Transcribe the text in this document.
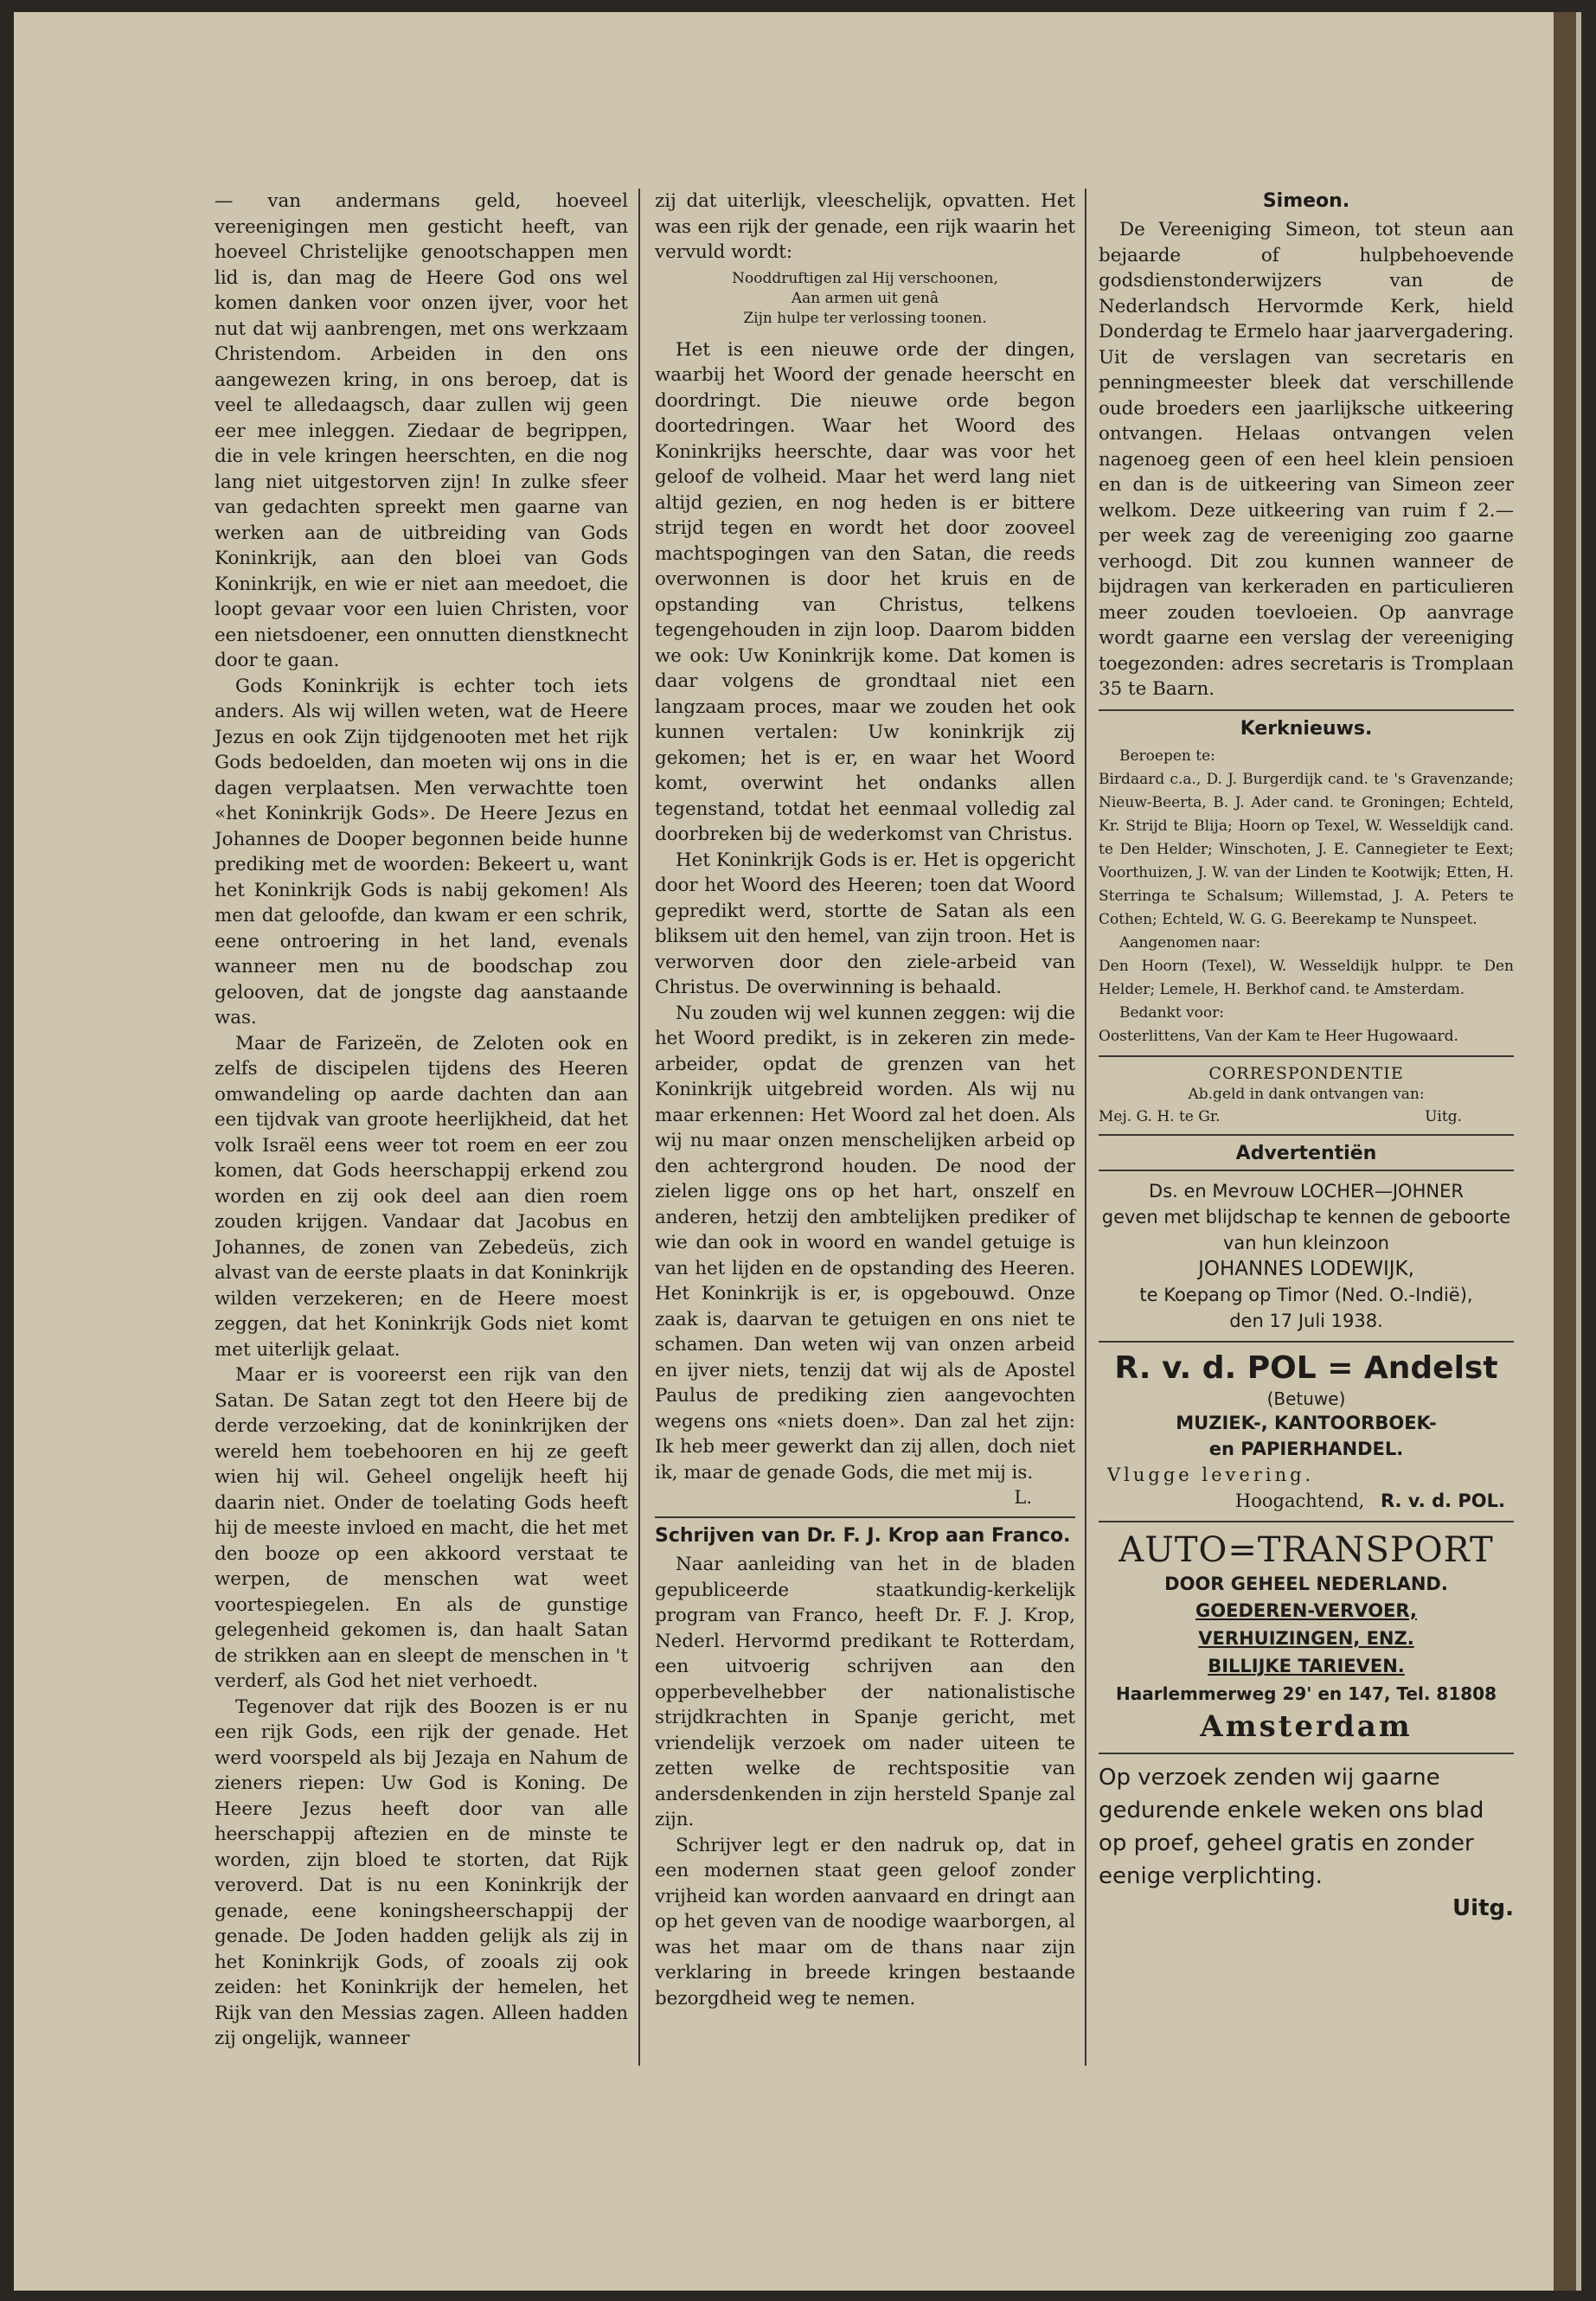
— van andermans geld, hoeveel vereenigingen men gesticht heeft, van hoeveel Christelijke genootschappen men lid is, dan mag de Heere God ons wel komen danken voor onzen ijver, voor het nut dat wij aanbrengen, met ons werkzaam Christendom. Arbeiden in den ons aangewezen kring, in ons beroep, dat is veel te alledaagsch, daar zullen wij geen eer mee inleggen. Ziedaar de begrippen, die in vele kringen heerschten, en die nog lang niet uitgestorven zijn! In zulke sfeer van gedachten spreekt men gaarne van werken aan de uitbreiding van Gods Koninkrijk, aan den bloei van Gods Koninkrijk, en wie er niet aan meedoet, die loopt gevaar voor een luien Christen, voor een nietsdoener, een onnutten dienstknecht door te gaan.

Gods Koninkrijk is echter toch iets anders. Als wij willen weten, wat de Heere Jezus en ook Zijn tijdgenooten met het rijk Gods bedoelden, dan moeten wij ons in die dagen verplaatsen. Men verwachtte toen «het Koninkrijk Gods». De Heere Jezus en Johannes de Dooper begonnen beide hunne prediking met de woorden: Bekeert u, want het Koninkrijk Gods is nabij gekomen! Als men dat geloofde, dan kwam er een schrik, eene ontroering in het land, evenals wanneer men nu de boodschap zou gelooven, dat de jongste dag aanstaande was.

Maar de Farizeën, de Zeloten ook en zelfs de discipelen tijdens des Heeren omwandeling op aarde dachten dan aan een tijdvak van groote heerlijkheid, dat het volk Israël eens weer tot roem en eer zou komen, dat Gods heerschappij erkend zou worden en zij ook deel aan dien roem zouden krijgen. Vandaar dat Jacobus en Johannes, de zonen van Zebedeüs, zich alvast van de eerste plaats in dat Koninkrijk wilden verzekeren; en de Heere moest zeggen, dat het Koninkrijk Gods niet komt met uiterlijk gelaat.

Maar er is vooreerst een rijk van den Satan. De Satan zegt tot den Heere bij de derde verzoeking, dat de koninkrijken der wereld hem toebehooren en hij ze geeft wien hij wil. Geheel ongelijk heeft hij daarin niet. Onder de toelating Gods heeft hij de meeste invloed en macht, die het met den booze op een akkoord verstaat te werpen, de menschen wat weet voortespiegelen. En als de gunstige gelegenheid gekomen is, dan haalt Satan de strikken aan en sleept de menschen in 't verderf, als God het niet verhoedt.

Tegenover dat rijk des Boozen is er nu een rijk Gods, een rijk der genade. Het werd voorspeld als bij Jezaja en Nahum de zieners riepen: Uw God is Koning. De Heere Jezus heeft door van alle heerschappij aftezien en de minste te worden, zijn bloed te storten, dat Rijk veroverd. Dat is nu een Koninkrijk der genade, eene koningsheerschappij der genade. De Joden hadden gelijk als zij in het Koninkrijk Gods, of zooals zij ook zeiden: het Koninkrijk der hemelen, het Rijk van den Messias zagen. Alleen hadden zij ongelijk, wanneer

zij dat uiterlijk, vleeschelijk, opvatten. Het was een rijk der genade, een rijk waarin het vervuld wordt:

Nooddruftigen zal Hij verschoonen,
Aan armen uit genâ
Zijn hulpe ter verlossing toonen.

Het is een nieuwe orde der dingen, waarbij het Woord der genade heerscht en doordringt. Die nieuwe orde begon doortedringen. Waar het Woord des Koninkrijks heerschte, daar was voor het geloof de volheid. Maar het werd lang niet altijd gezien, en nog heden is er bittere strijd tegen en wordt het door zooveel machtspogingen van den Satan, die reeds overwonnen is door het kruis en de opstanding van Christus, telkens tegengehouden in zijn loop. Daarom bidden we ook: Uw Koninkrijk kome. Dat komen is daar volgens de grondtaal niet een langzaam proces, maar we zouden het ook kunnen vertalen: Uw koninkrijk zij gekomen; het is er, en waar het Woord komt, overwint het ondanks allen tegenstand, totdat het eenmaal volledig zal doorbreken bij de wederkomst van Christus.

Het Koninkrijk Gods is er. Het is opgericht door het Woord des Heeren; toen dat Woord gepredikt werd, stortte de Satan als een bliksem uit den hemel, van zijn troon. Het is verworven door den ziele-arbeid van Christus. De overwinning is behaald.

Nu zouden wij wel kunnen zeggen: wij die het Woord predikt, is in zekeren zin mede-arbeider, opdat de grenzen van het Koninkrijk uitgebreid worden. Als wij nu maar erkennen: Het Woord zal het doen. Als wij nu maar onzen menschelijken arbeid op den achtergrond houden. De nood der zielen ligge ons op het hart, onszelf en anderen, hetzij den ambtelijken prediker of wie dan ook in woord en wandel getuige is van het lijden en de opstanding des Heeren. Het Koninkrijk is er, is opgebouwd. Onze zaak is, daarvan te getuigen en ons niet te schamen. Dan weten wij van onzen arbeid en ijver niets, tenzij dat wij als de Apostel Paulus de prediking zien aangevochten wegens ons «niets doen». Dan zal het zijn: Ik heb meer gewerkt dan zij allen, doch niet ik, maar de genade Gods, die met mij is.

L.
Schrijven van Dr. F. J. Krop aan Franco.

Naar aanleiding van het in de bladen gepubliceerde staatkundig-kerkelijk program van Franco, heeft Dr. F. J. Krop, Nederl. Hervormd predikant te Rotterdam, een uitvoerig schrijven aan den opperbevelhebber der nationalistische strijdkrachten in Spanje gericht, met vriendelijk verzoek om nader uiteen te zetten welke de rechtspositie van andersdenkenden in zijn hersteld Spanje zal zijn.

Schrijver legt er den nadruk op, dat in een modernen staat geen geloof zonder vrijheid kan worden aanvaard en dringt aan op het geven van de noodige waarborgen, al was het maar om de thans naar zijn verklaring in breede kringen bestaande bezorgdheid weg te nemen.

Simeon.

De Vereeniging Simeon, tot steun aan bejaarde of hulpbehoevende godsdienstonderwijzers van de Nederlandsch Hervormde Kerk, hield Donderdag te Ermelo haar jaarvergadering. Uit de verslagen van secretaris en penningmeester bleek dat verschillende oude broeders een jaarlijksche uitkeering ontvangen. Helaas ontvangen velen nagenoeg geen of een heel klein pensioen en dan is de uitkeering van Simeon zeer welkom. Deze uitkeering van ruim f 2.— per week zag de vereeniging zoo gaarne verhoogd. Dit zou kunnen wanneer de bijdragen van kerkeraden en particulieren meer zouden toevloeien. Op aanvrage wordt gaarne een verslag der vereeniging toegezonden: adres secretaris is Tromplaan 35 te Baarn.

Kerknieuws.

Beroepen te:

Birdaard c.a., D. J. Burgerdijk cand. te 's Gravenzande; Nieuw-Beerta, B. J. Ader cand. te Groningen; Echteld, Kr. Strijd te Blija; Hoorn op Texel, W. Wesseldijk cand. te Den Helder; Winschoten, J. E. Cannegieter te Eext; Voorthuizen, J. W. van der Linden te Kootwijk; Etten, H. Sterringa te Schalsum; Willemstad, J. A. Peters te Cothen; Echteld, W. G. G. Beerekamp te Nunspeet.

Aangenomen naar:

Den Hoorn (Texel), W. Wesseldijk hulppr. te Den Helder; Lemele, H. Berkhof cand. te Amsterdam.

Bedankt voor:

Oosterlittens, Van der Kam te Heer Hugowaard.

CORRESPONDENTIE
Ab.geld in dank ontvangen van:
Mej. G. H. te Gr.	Uitg.
Advertentiën
Ds. en Mevrouw LOCHER—JOHNER
geven met blijdschap te kennen de geboorte van hun kleinzoon
JOHANNES LODEWIJK,
te Koepang op Timor (Ned. O.-Indië),
den 17 Juli 1938.
R. v. d. POL = Andelst
(Betuwe)
MUZIEK-, KANTOORBOEK-
en PAPIERHANDEL.
Vlugge levering.
Hoogachtend, R. v. d. POL.
AUTO=TRANSPORT
DOOR GEHEEL NEDERLAND.
GOEDEREN-VERVOER,
VERHUIZINGEN, ENZ.
BILLIJKE TARIEVEN.
Haarlemmerweg 29' en 147, Tel. 81808
Amsterdam
Op verzoek zenden wij gaarne gedurende enkele weken ons blad op proef, geheel gratis en zonder eenige verplichting.
Uitg.
